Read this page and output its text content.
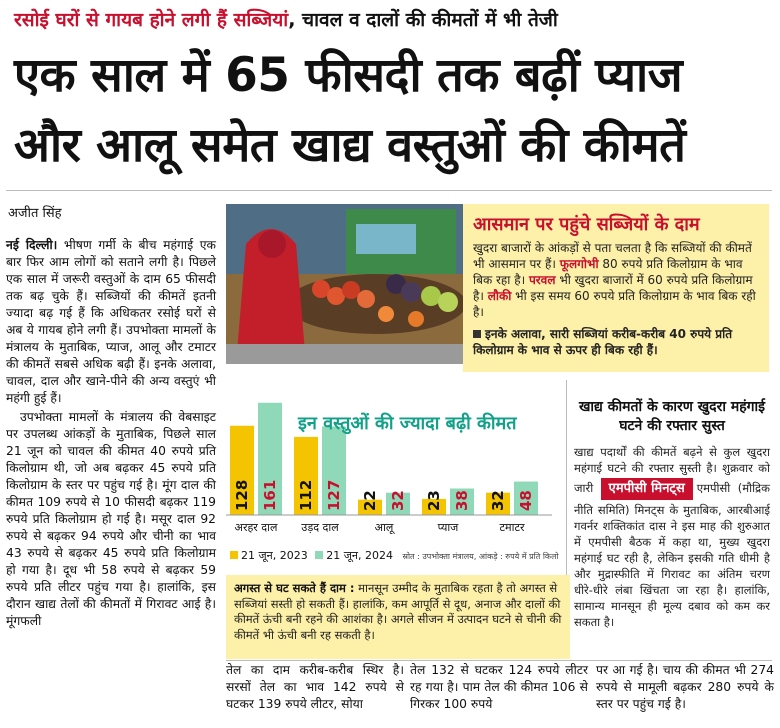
रसोई घरों से गायब होने लगी हैं सब्जियां, चावल व दालों की कीमतों में भी तेजी
एक साल में 65 फीसदी तक बढ़ीं प्याज
और आलू समेत खाद्य वस्तुओं की कीमतें
अजीत सिंह

नई दिल्ली। भीषण गर्मी के बीच महंगाई एक बार फिर आम लोगों को सताने लगी है। पिछले एक साल में जरूरी वस्तुओं के दाम 65 फीसदी तक बढ़ चुके हैं। सब्जियों की कीमतें इतनी ज्यादा बढ़ गई हैं कि अधिकतर रसोई घरों से अब ये गायब होने लगी हैं। उपभोक्ता मामलों के मंत्रालय के मुताबिक, प्याज, आलू और टमाटर की कीमतें सबसे अधिक बढ़ी हैं। इनके अलावा, चावल, दाल और खाने-पीने की अन्य वस्तुएं भी महंगी हुई हैं।

उपभोक्ता मामलों के मंत्रालय की वेबसाइट पर उपलब्ध आंकड़ों के मुताबिक, पिछले साल 21 जून को चावल की कीमत 40 रुपये प्रति किलोग्राम थी, जो अब बढ़कर 45 रुपये प्रति किलोग्राम के स्तर पर पहुंच गई है। मूंग दाल की कीमत 109 रुपये से 10 फीसदी बढ़कर 119 रुपये प्रति किलोग्राम हो गई है। मसूर दाल 92 रुपये से बढ़कर 94 रुपये और चीनी का भाव 43 रुपये से बढ़कर 45 रुपये प्रति किलोग्राम हो गया है। दूध भी 58 रुपये से बढ़कर 59 रुपये प्रति लीटर पहुंच गया है। हालांकि, इस दौरान खाद्य तेलों की कीमतों में गिरावट आई है। मूंगफली

आसमान पर पहुंचे सब्जियों के दाम
खुदरा बाजारों के आंकड़ों से पता चलता है कि सब्जियों की कीमतें भी आसमान पर हैं। फूलगोभी 80 रुपये प्रति किलोग्राम के भाव बिक रहा है। परवल भी खुदरा बाजारों में 60 रुपये प्रति किलोग्राम है। लौकी भी इस समय 60 रुपये प्रति किलोग्राम के भाव बिक रही है।
इनके अलावा, सारी सब्जियां करीब-करीब 40 रुपये प्रति किलोग्राम के भाव से ऊपर ही बिक रही हैं।
128 161
अरहर दाल
112 127
उड़द दाल
22 32
आलू
23 38
प्याज
32 48
टमाटर
इन वस्तुओं की ज्यादा बढ़ी कीमत
21 जून, 2023 21 जून, 2024 स्रोत : उपभोक्ता मंत्रालय, आंकड़े : रुपये में प्रति किलो
खाद्य कीमतों के कारण खुदरा महंगाई घटने की रफ्तार सुस्त
खाद्य पदार्थों की कीमतें बढ़ने से कुल खुदरा महंगाई घटने की रफ्तार सुस्ती है। शुक्रवार को जारी एमपीसी मिनट्स एमपीसी (मौद्रिक नीति समिति) मिनट्स के मुताबिक, आरबीआई गवर्नर शक्तिकांत दास ने इस माह की शुरुआत में एमपीसी बैठक में कहा था, मुख्य खुदरा महंगाई घट रही है, लेकिन इसकी गति धीमी है और मुद्रास्फीति में गिरावट का अंतिम चरण धीरे-धीरे लंबा खिंचता जा रहा है। हालांकि, सामान्य मानसून ही मूल्य दबाव को कम कर सकता है।
अगस्त से घट सकते हैं दाम : मानसून उम्मीद के मुताबिक रहता है तो अगस्त से सब्जियां सस्ती हो सकती हैं। हालांकि, कम आपूर्ति से दूध, अनाज और दालों की कीमतें ऊंची बनी रहने की आशंका है। अगले सीजन में उत्पादन घटने से चीनी की कीमतें भी ऊंची बनी रह सकती है।
तेल का दाम करीब-करीब स्थिर है। सरसों तेल का भाव 142 रुपये से घटकर 139 रुपये लीटर, सोया
तेल 132 से घटकर 124 रुपये लीटर रह गया है। पाम तेल की कीमत 106 से गिरकर 100 रुपये
पर आ गई है। चाय की कीमत भी 274 रुपये से मामूली बढ़कर 280 रुपये के स्तर पर पहुंच गई है।
